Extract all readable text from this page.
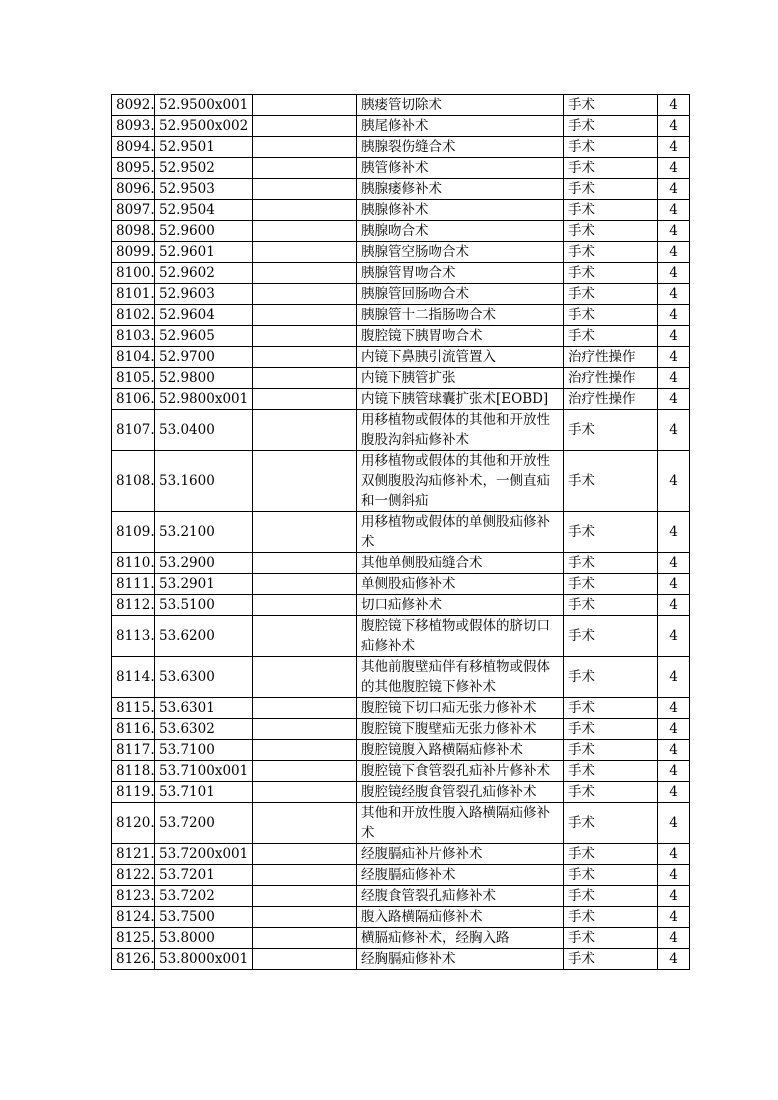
8092.	52.9500x001		胰瘘管切除术	手术	4
8093.	52.9500x002		胰尾修补术	手术	4
8094.	52.9501		胰腺裂伤缝合术	手术	4
8095.	52.9502		胰管修补术	手术	4
8096.	52.9503		胰腺瘘修补术	手术	4
8097.	52.9504		胰腺修补术	手术	4
8098.	52.9600		胰腺吻合术	手术	4
8099.	52.9601		胰腺管空肠吻合术	手术	4
8100.	52.9602		胰腺管胃吻合术	手术	4
8101.	52.9603		胰腺管回肠吻合术	手术	4
8102.	52.9604		胰腺管十二指肠吻合术	手术	4
8103.	52.9605		腹腔镜下胰胃吻合术	手术	4
8104.	52.9700		内镜下鼻胰引流管置入	治疗性操作	4
8105.	52.9800		内镜下胰管扩张	治疗性操作	4
8106.	52.9800x001		内镜下胰管球囊扩张术[EOBD]	治疗性操作	4
8107.	53.0400		用移植物或假体的其他和开放性腹股沟斜疝修补术	手术	4
8108.	53.1600		用移植物或假体的其他和开放性双侧腹股沟疝修补术，一侧直疝和一侧斜疝	手术	4
8109.	53.2100		用移植物或假体的单侧股疝修补术	手术	4
8110.	53.2900		其他单侧股疝缝合术	手术	4
8111.	53.2901		单侧股疝修补术	手术	4
8112.	53.5100		切口疝修补术	手术	4
8113.	53.6200		腹腔镜下移植物或假体的脐切口疝修补术	手术	4
8114.	53.6300		其他前腹壁疝伴有移植物或假体的其他腹腔镜下修补术	手术	4
8115.	53.6301		腹腔镜下切口疝无张力修补术	手术	4
8116.	53.6302		腹腔镜下腹壁疝无张力修补术	手术	4
8117.	53.7100		腹腔镜腹入路横隔疝修补术	手术	4
8118.	53.7100x001		腹腔镜下食管裂孔疝补片修补术	手术	4
8119.	53.7101		腹腔镜经腹食管裂孔疝修补术	手术	4
8120.	53.7200		其他和开放性腹入路横隔疝修补术	手术	4
8121.	53.7200x001		经腹膈疝补片修补术	手术	4
8122.	53.7201		经腹膈疝修补术	手术	4
8123.	53.7202		经腹食管裂孔疝修补术	手术	4
8124.	53.7500		腹入路横隔疝修补术	手术	4
8125.	53.8000		横膈疝修补术，经胸入路	手术	4
8126.	53.8000x001		经胸膈疝修补术	手术	4
